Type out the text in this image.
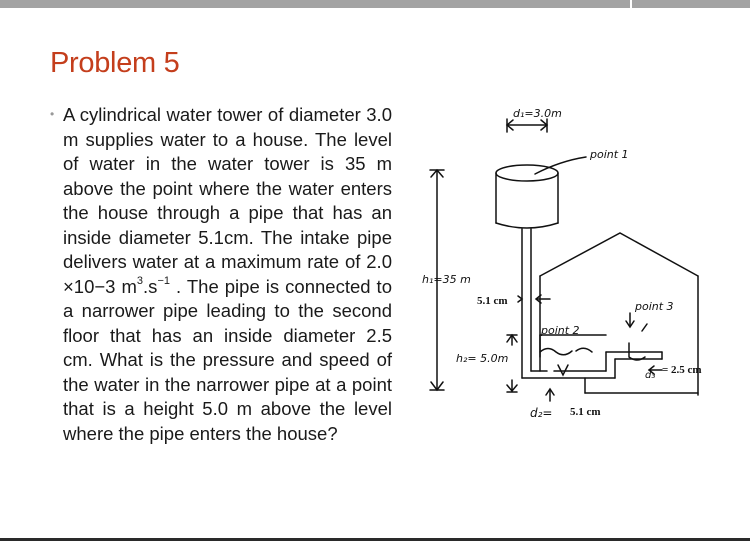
Problem 5
• A cylindrical water tower of diameter 3.0 m supplies water to a house. The level of water in the water tower is 35 m above the point where the water enters the house through a pipe that has an inside diameter 5.1cm. The intake pipe delivers water at a maximum rate of 2.0 ×10−3 $m^3.s^{-1}$ . The pipe is connected to a narrower pipe leading to the second floor that has an inside diameter 2.5 cm. What is the pressure and speed of the water in the narrower pipe at a point that is a height 5.0 m above the level where the pipe enters the house?

d₁=3.0m
point 1
h₁=35 m
5.1 cm
point 2
h₂= 5.0m
point 3
d₃ = 2.5 cm
d₂= 5.1 cm
